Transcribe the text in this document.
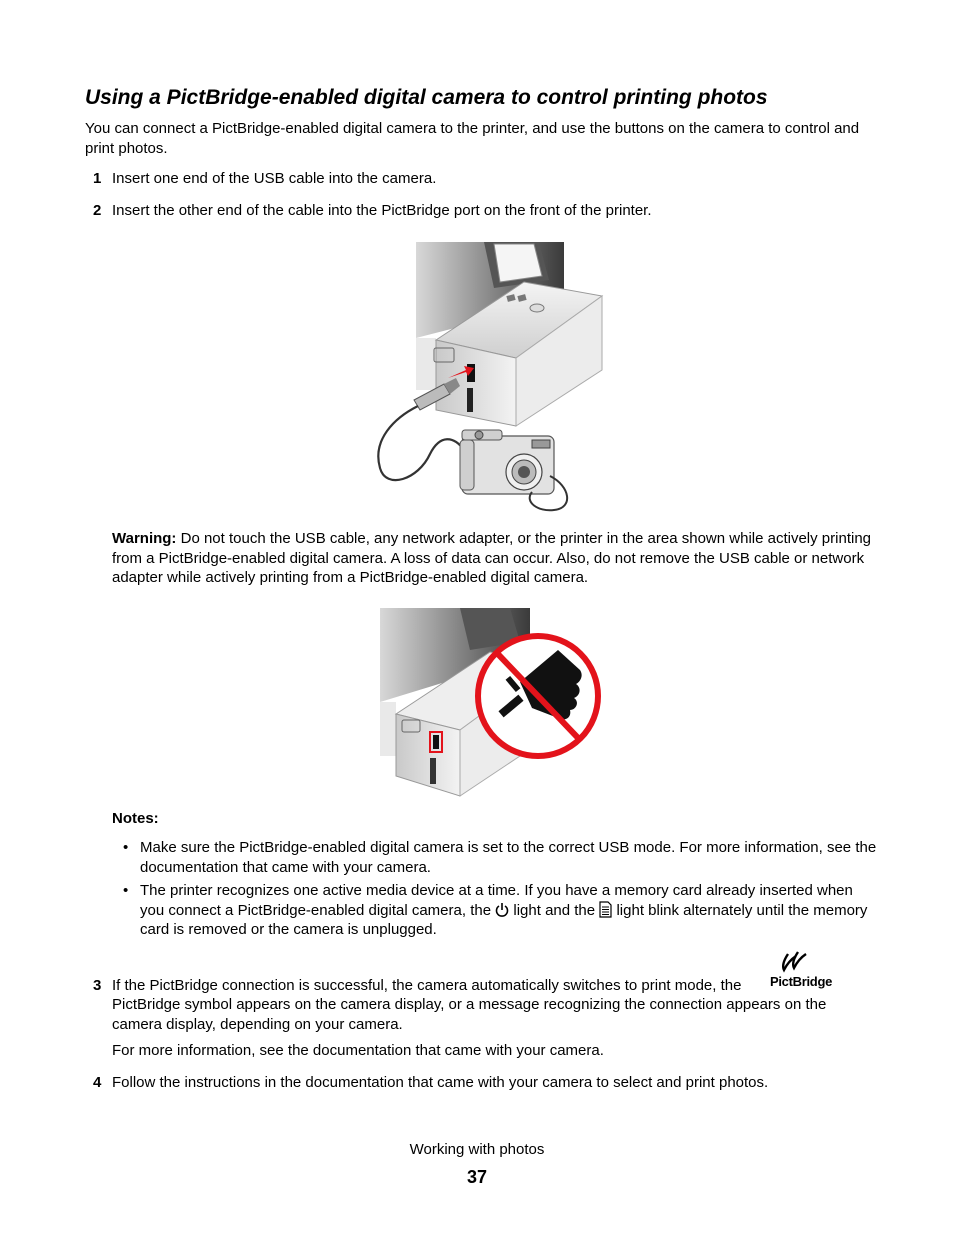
Using a PictBridge-enabled digital camera to control printing photos
You can connect a PictBridge-enabled digital camera to the printer, and use the buttons on the camera to control and print photos.
1 Insert one end of the USB cable into the camera.
2 Insert the other end of the cable into the PictBridge port on the front of the printer.
Warning: Do not touch the USB cable, any network adapter, or the printer in the area shown while actively printing from a PictBridge-enabled digital camera. A loss of data can occur. Also, do not remove the USB cable or network adapter while actively printing from a PictBridge-enabled digital camera.
Notes:
• Make sure the PictBridge-enabled digital camera is set to the correct USB mode. For more information, see the documentation that came with your camera.
• The printer recognizes one active media device at a time. If you have a memory card already inserted when you connect a PictBridge-enabled digital camera, the light and the light blink alternately until the memory card is removed or the camera is unplugged.
3 If the PictBridge connection is successful, the camera automatically switches to print mode, the	PictBridge
PictBridge symbol appears on the camera display, or a message recognizing the connection appears on the camera display, depending on your camera.
For more information, see the documentation that came with your camera.
4 Follow the instructions in the documentation that came with your camera to select and print photos.
Working with photos
37
